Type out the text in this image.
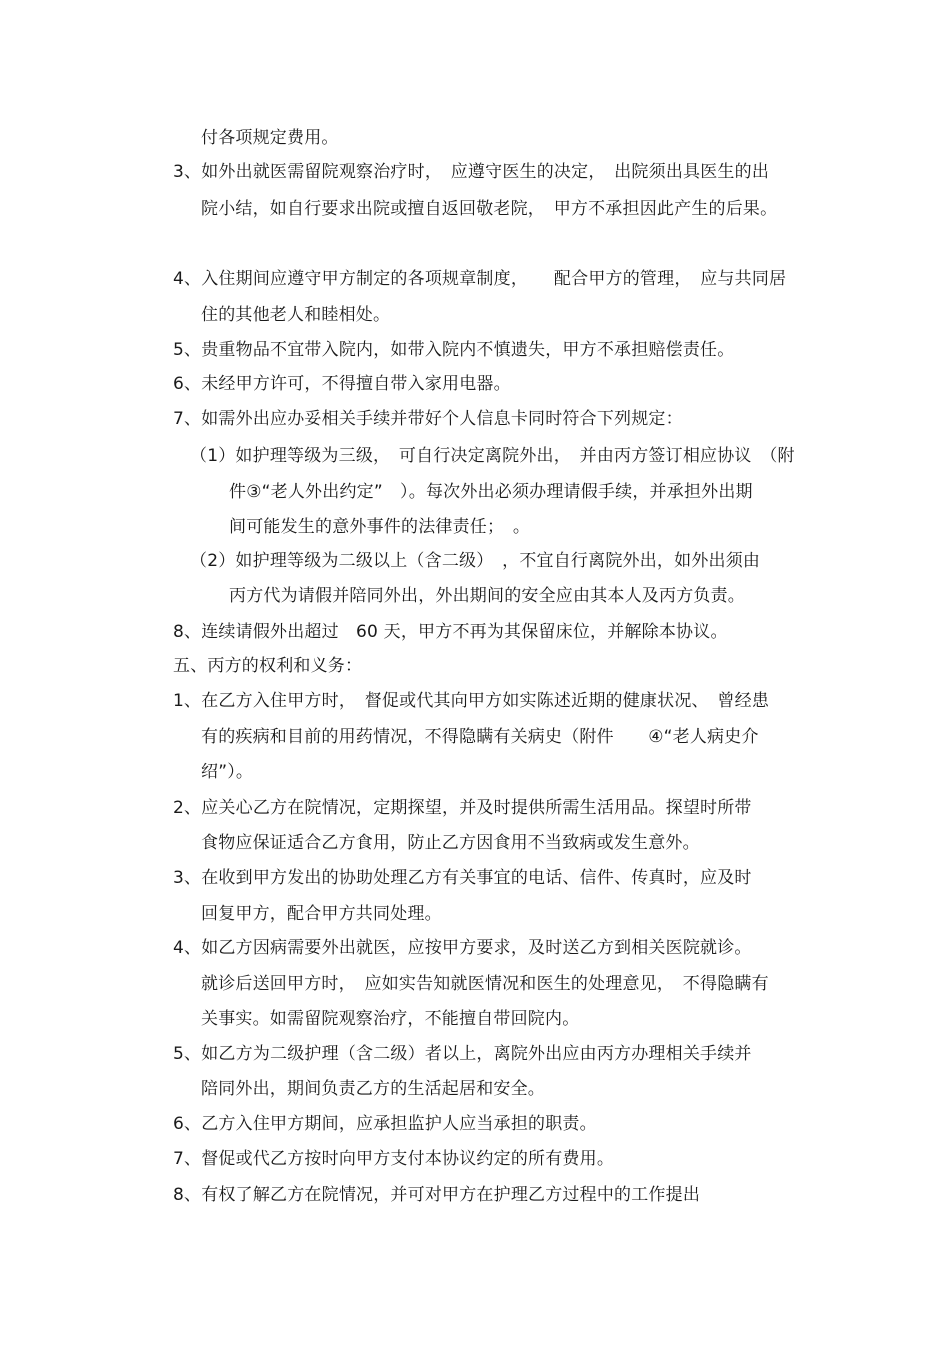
付各项规定费用。
3、如外出就医需留院观察治疗时，　应遵守医生的决定，　出院须出具医生的出
院小结，如自行要求出院或擅自返回敬老院，　甲方不承担因此产生的后果。
4、入住期间应遵守甲方制定的各项规章制度，　　配合甲方的管理，　应与共同居
住的其他老人和睦相处。
5、贵重物品不宜带入院内，如带入院内不慎遗失，甲方不承担赔偿责任。
6、未经甲方许可，不得擅自带入家用电器。
7、如需外出应办妥相关手续并带好个人信息卡同时符合下列规定：
（1）如护理等级为三级，　可自行决定离院外出，　并由丙方签订相应协议　（附
件③“老人外出约定”　）。每次外出必须办理请假手续，并承担外出期
间可能发生的意外事件的法律责任；　。
（2）如护理等级为二级以上（含二级）　，不宜自行离院外出，如外出须由
丙方代为请假并陪同外出，外出期间的安全应由其本人及丙方负责。
8、连续请假外出超过　60 天，甲方不再为其保留床位，并解除本协议。
五、丙方的权利和义务：
1、在乙方入住甲方时，　督促或代其向甲方如实陈述近期的健康状况、　曾经患
有的疾病和目前的用药情况，不得隐瞒有关病史（附件　　④“老人病史介
绍”）。
2、应关心乙方在院情况，定期探望，并及时提供所需生活用品。探望时所带
食物应保证适合乙方食用，防止乙方因食用不当致病或发生意外。
3、在收到甲方发出的协助处理乙方有关事宜的电话、信件、传真时，应及时
回复甲方，配合甲方共同处理。
4、如乙方因病需要外出就医，应按甲方要求，及时送乙方到相关医院就诊。
就诊后送回甲方时，　应如实告知就医情况和医生的处理意见，　不得隐瞒有
关事实。如需留院观察治疗，不能擅自带回院内。
5、如乙方为二级护理（含二级）者以上，离院外出应由丙方办理相关手续并
陪同外出，期间负责乙方的生活起居和安全。
6、乙方入住甲方期间，应承担监护人应当承担的职责。
7、督促或代乙方按时向甲方支付本协议约定的所有费用。
8、有权了解乙方在院情况，并可对甲方在护理乙方过程中的工作提出
